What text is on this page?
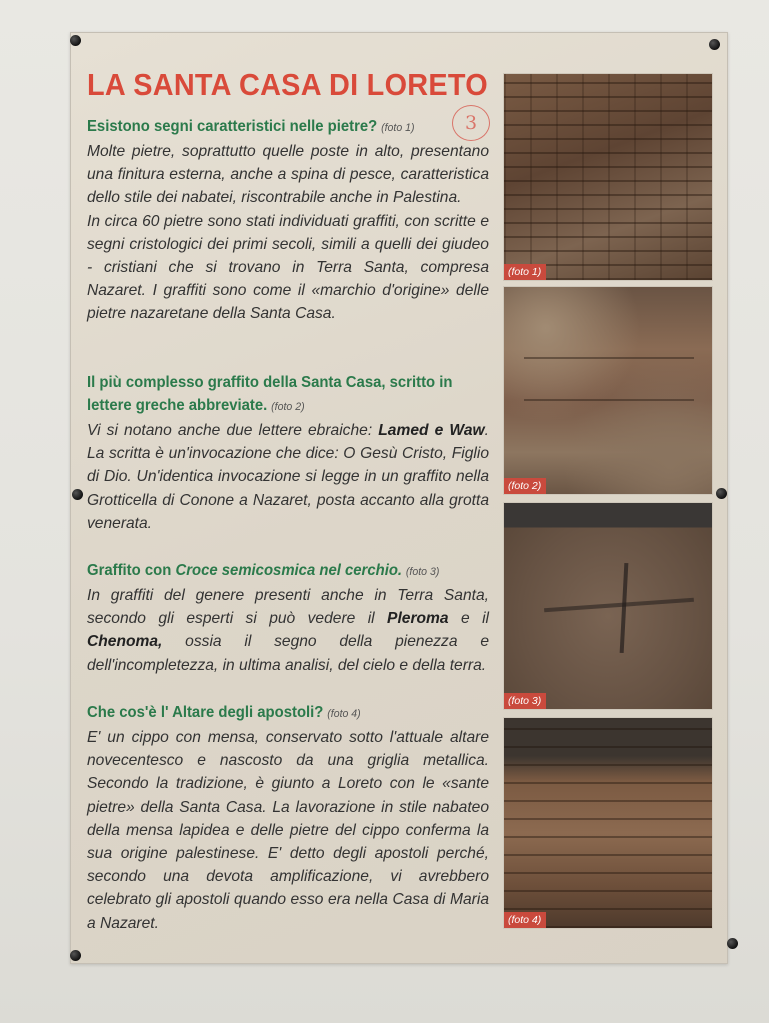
LA SANTA CASA DI LORETO
3

Esistono segni caratteristici nelle pietre? (foto 1)

Molte pietre, soprattutto quelle poste in alto, presentano una finitura esterna, anche a spina di pesce, caratteristica dello stile dei nabatei, riscontrabile anche in Palestina.

In circa 60 pietre sono stati individuati graffiti, con scritte e segni cristologici dei primi secoli, simili a quelli dei giudeo - cristiani che si trovano in Terra Santa, compresa Nazaret. I graffiti sono come il «marchio d'origine» delle pietre nazaretane della Santa Casa.

Il più complesso graffito della Santa Casa, scritto in lettere greche abbreviate. (foto 2)

Vi si notano anche due lettere ebraiche: Lamed e Waw. La scritta è un'invocazione che dice: O Gesù Cristo, Figlio di Dio. Un'identica invocazione si legge in un graffito nella Grotticella di Conone a Nazaret, posta accanto alla grotta venerata.

Graffito con Croce semicosmica nel cerchio. (foto 3)

In graffiti del genere presenti anche in Terra Santa, secondo gli esperti si può vedere il Pleroma e il Chenoma, ossia il segno della pienezza e dell'incompletezza, in ultima analisi, del cielo e della terra.

Che cos'è l' Altare degli apostoli? (foto 4)

E' un cippo con mensa, conservato sotto l'attuale altare novecentesco e nascosto da una griglia metallica. Secondo la tradizione, è giunto a Loreto con le «sante pietre» della Santa Casa. La lavorazione in stile nabateo della mensa lapidea e delle pietre del cippo conferma la sua origine palestinese. E' detto degli apostoli perché, secondo una devota amplificazione, vi avrebbero celebrato gli apostoli quando esso era nella Casa di Maria a Nazaret.

(foto 1)
(foto 2)
(foto 3)
(foto 4)
